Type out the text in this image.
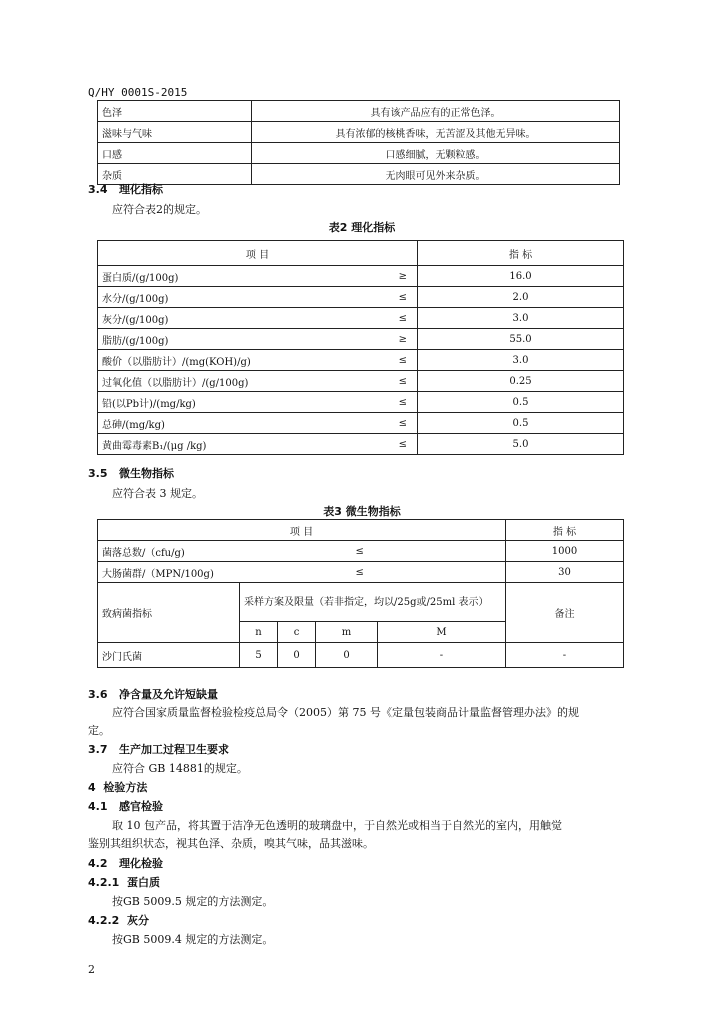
Q/HY 0001S-2015
色泽	具有该产品应有的正常色泽。
滋味与气味	具有浓郁的核桃香味，无苦涩及其他无异味。
口感	口感细腻，无颗粒感。
杂质	无肉眼可见外来杂质。
3.4 理化指标
应符合表2的规定。
表2 理化指标
项 目		指 标
蛋白质/(g/100g)	≥	16.0
水分/(g/100g)	≤	2.0
灰分/(g/100g)	≤	3.0
脂肪/(g/100g)	≥	55.0
酸价（以脂肪计）/(mg(KOH)/g)	≤	3.0
过氧化值（以脂肪计）/(g/100g)	≤	0.25
铅(以Pb计)/(mg/kg)	≤	0.5
总砷/(mg/kg)	≤	0.5
黄曲霉毒素B₁/(μg /kg)	≤	5.0
3.5 微生物指标
应符合表 3 规定。
表3 微生物指标
项 目					指 标
菌落总数/（cfu/g)			≤		1000
大肠菌群/（MPN/100g)			≤		30
致病菌指标	采样方案及限量（若非指定，均以/25g或/25ml 表示）				备注
	n	c	m	M	
沙门氏菌	5	0	0	-	-
3.6 净含量及允许短缺量
应符合国家质量监督检验检疫总局令（2005）第 75 号《定量包装商品计量监督管理办法》的规
定。
3.7 生产加工过程卫生要求
应符合 GB 14881的规定。
4 检验方法
4.1 感官检验
取 10 包产品，将其置于洁净无色透明的玻璃盘中，于自然光或相当于自然光的室内，用触觉
鉴别其组织状态，视其色泽、杂质，嗅其气味，品其滋味。
4.2 理化检验
4.2.1 蛋白质
按GB 5009.5 规定的方法测定。
4.2.2 灰分
按GB 5009.4 规定的方法测定。
2
